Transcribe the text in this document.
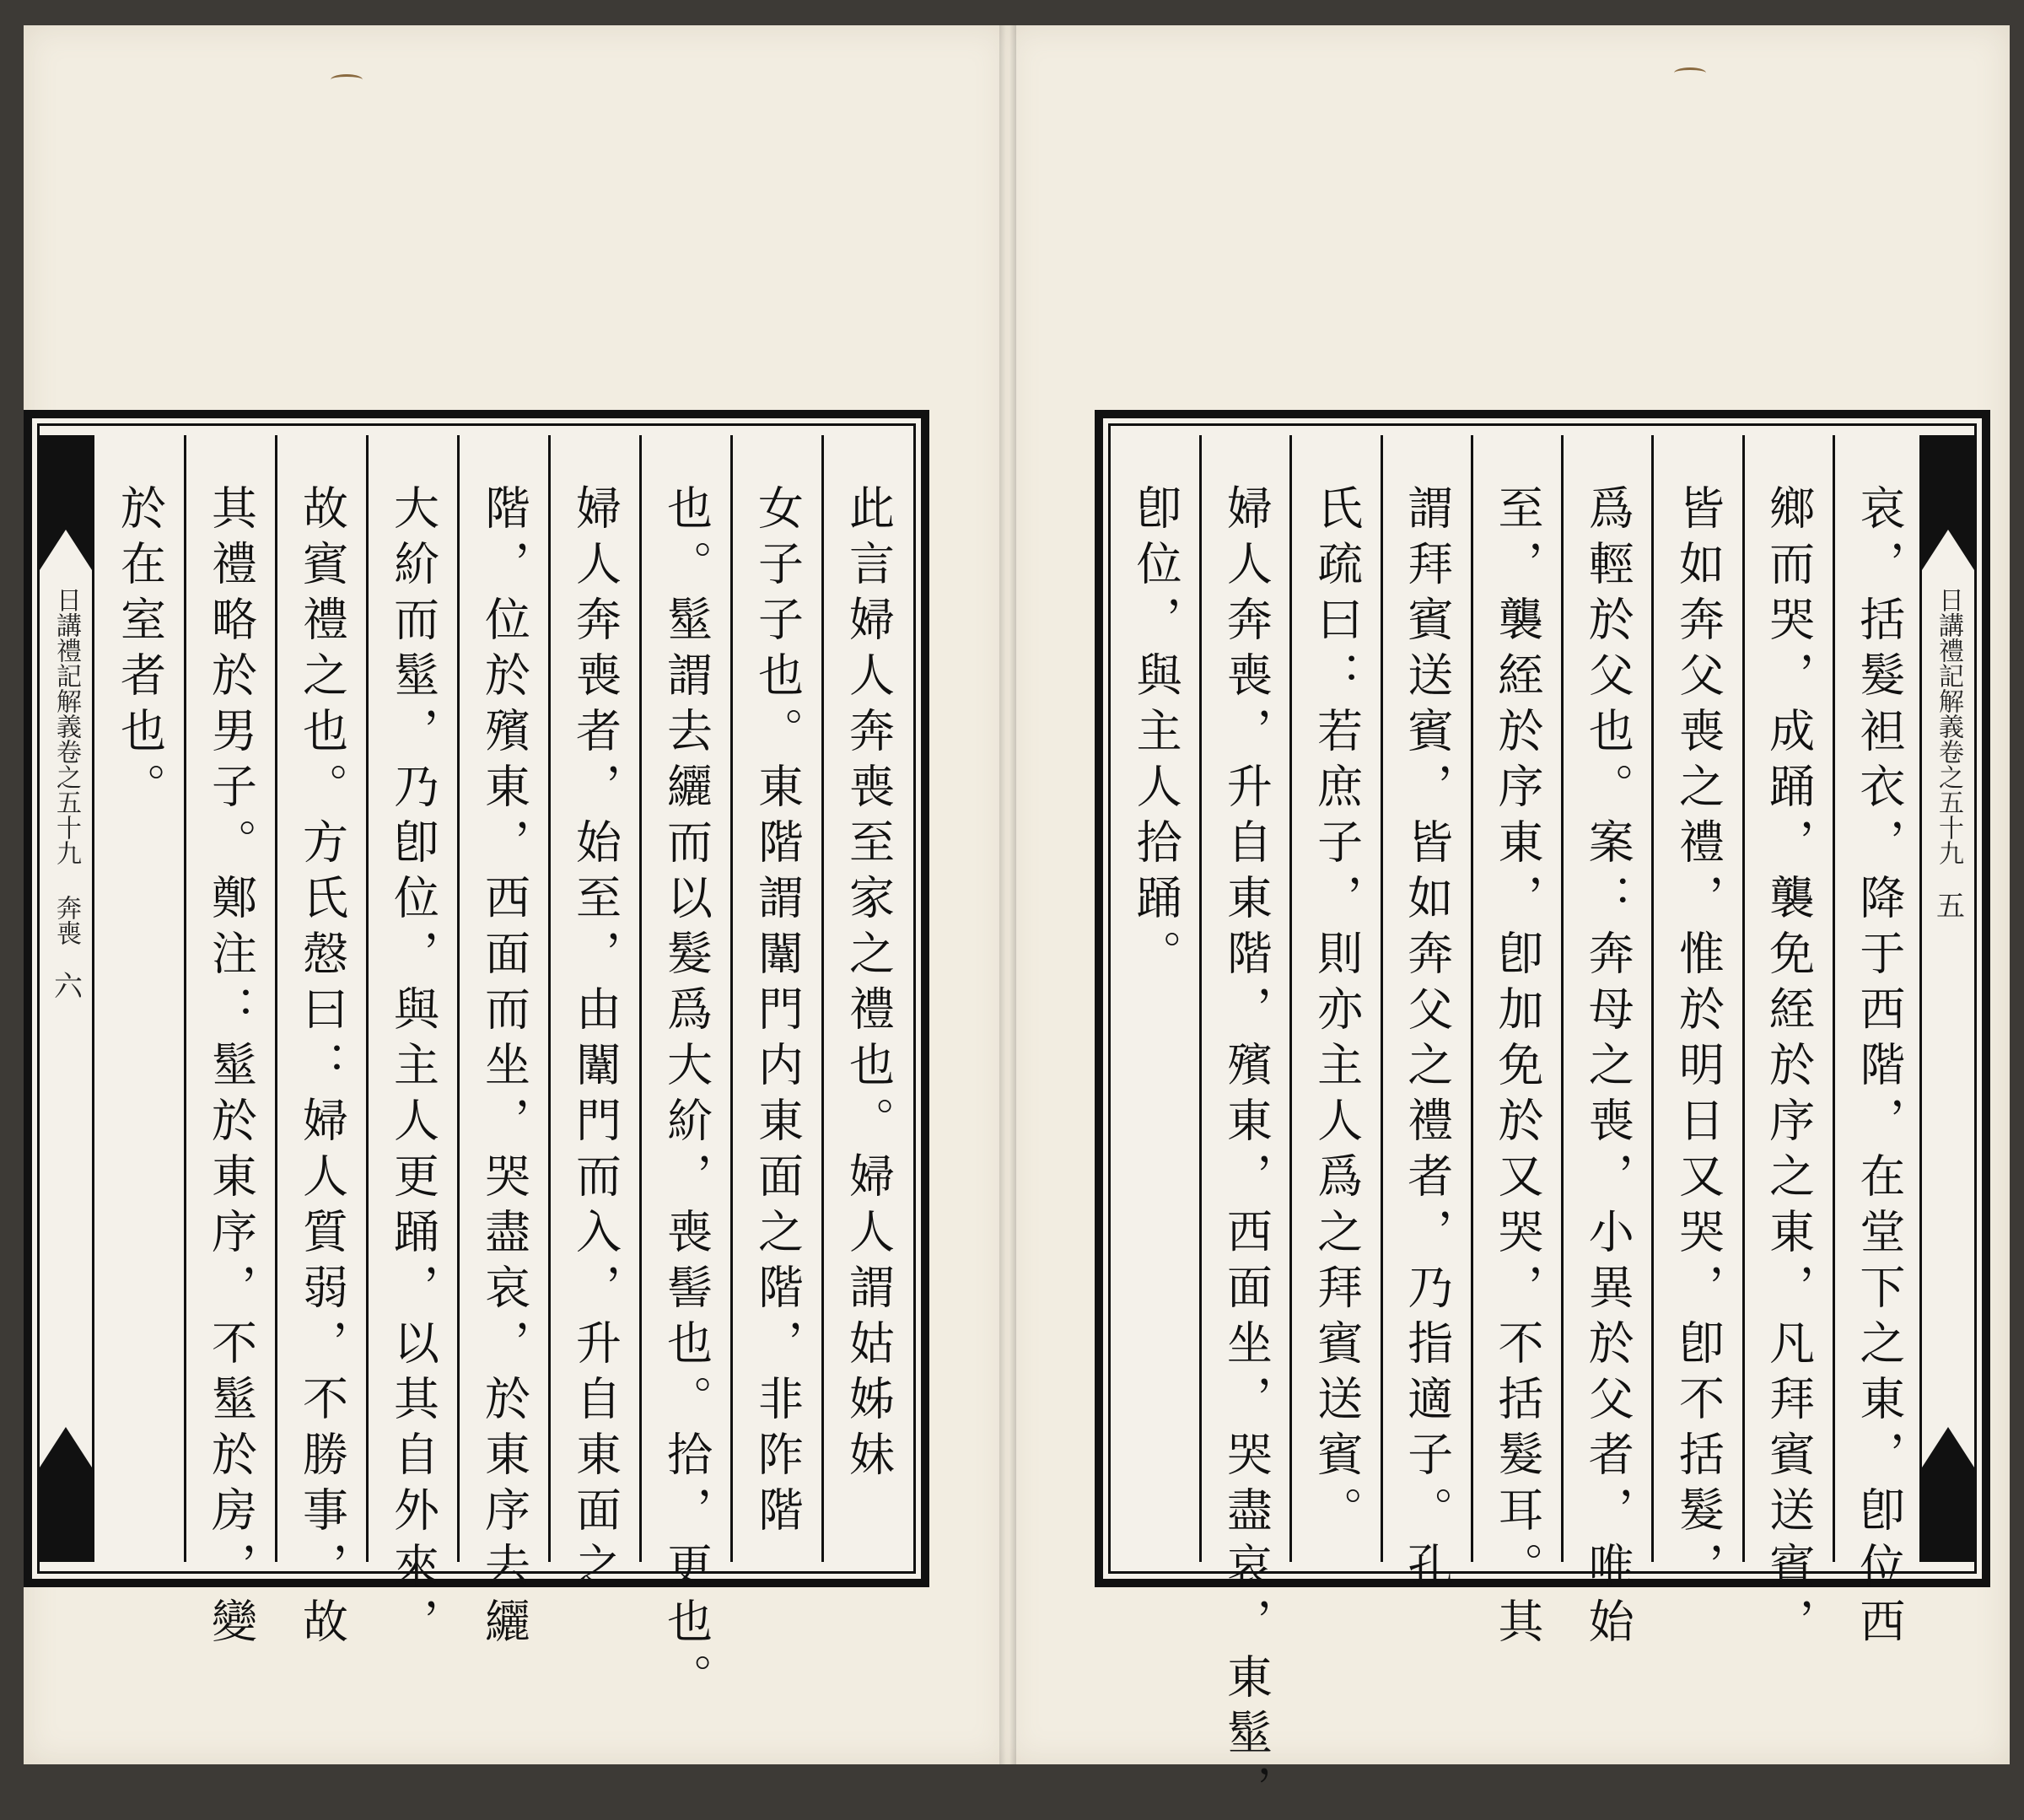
日講禮記解義卷之五十九 奔喪
六	此言婦人奔喪至家之禮也。婦人謂姑姊妹
女子子也。東階謂闈門内東面之階，非阼階
也。髽謂去纚而以髮爲大紒，喪髻也。拾，更也。
婦人奔喪者，始至，由闈門而入，升自東面之
階，位於殯東，西面而坐，哭盡哀，於東序去纚
大紒而髽，乃卽位，與主人更踊，以其自外來，
故賓禮之也。方氏慤曰：婦人質弱，不勝事，故
其禮略於男子。鄭注：髽於東序，不髽於房，變
於在室者也。	日講禮記解義卷之五十九
五
哀，括髮袒衣，降于西階，在堂下之東，卽位西
鄉而哭，成踊，襲免絰於序之東，凡拜賓送賓，
皆如奔父喪之禮，惟於明日又哭，卽不括髮，
爲輕於父也。案：奔母之喪，小異於父者，唯始
至，襲絰於序東，卽加免於又哭，不括髮耳。其
謂拜賓送賓，皆如奔父之禮者，乃指適子。孔
氏疏曰：若庶子，則亦主人爲之拜賓送賓。
婦人奔喪，升自東階，殯東，西面坐，哭盡哀，東髽，
卽位，與主人拾踊。
